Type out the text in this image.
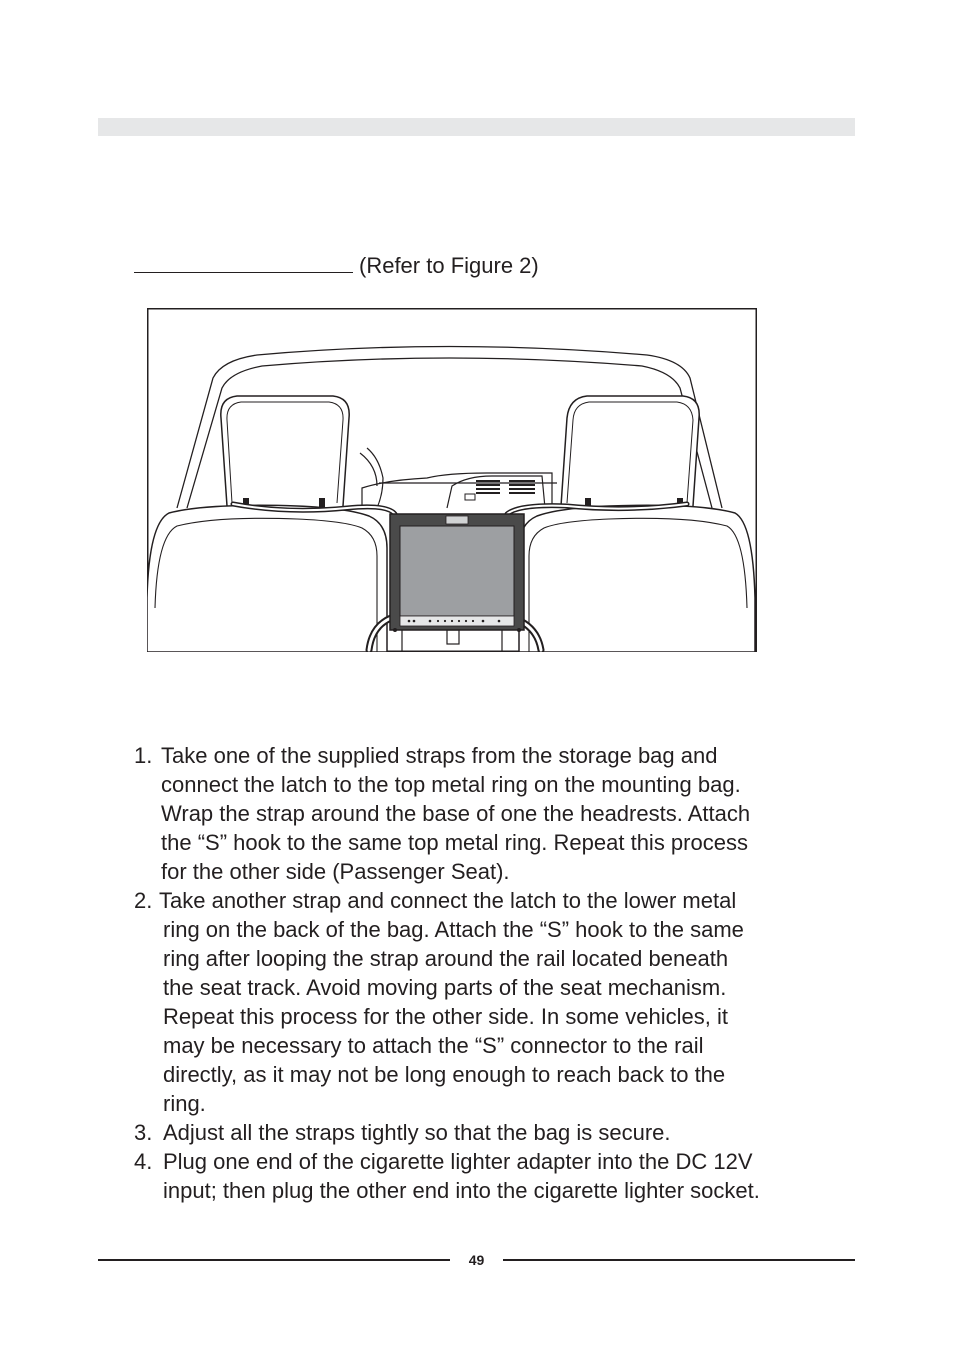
(Refer to Figure 2)
1. Take one of the supplied straps from the storage bag and
connect the latch to the top metal ring on the mounting bag.
Wrap the strap around the base of one the headrests. Attach
the “S” hook to the same top metal ring. Repeat this process
for the other side (Passenger Seat).
2. Take another strap and connect the latch to the lower metal
ring on the back of the bag. Attach the “S” hook to the same
ring after looping the strap around the rail located beneath
the seat track. Avoid moving parts of the seat mechanism.
Repeat this process for the other side. In some vehicles, it
may be necessary to attach the “S” connector to the rail
directly, as it may not be long enough to reach back to the
ring.
3. Adjust all the straps tightly so that the bag is secure.
4. Plug one end of the cigarette lighter adapter into the DC 12V
input; then plug the other end into the cigarette lighter socket.
49
